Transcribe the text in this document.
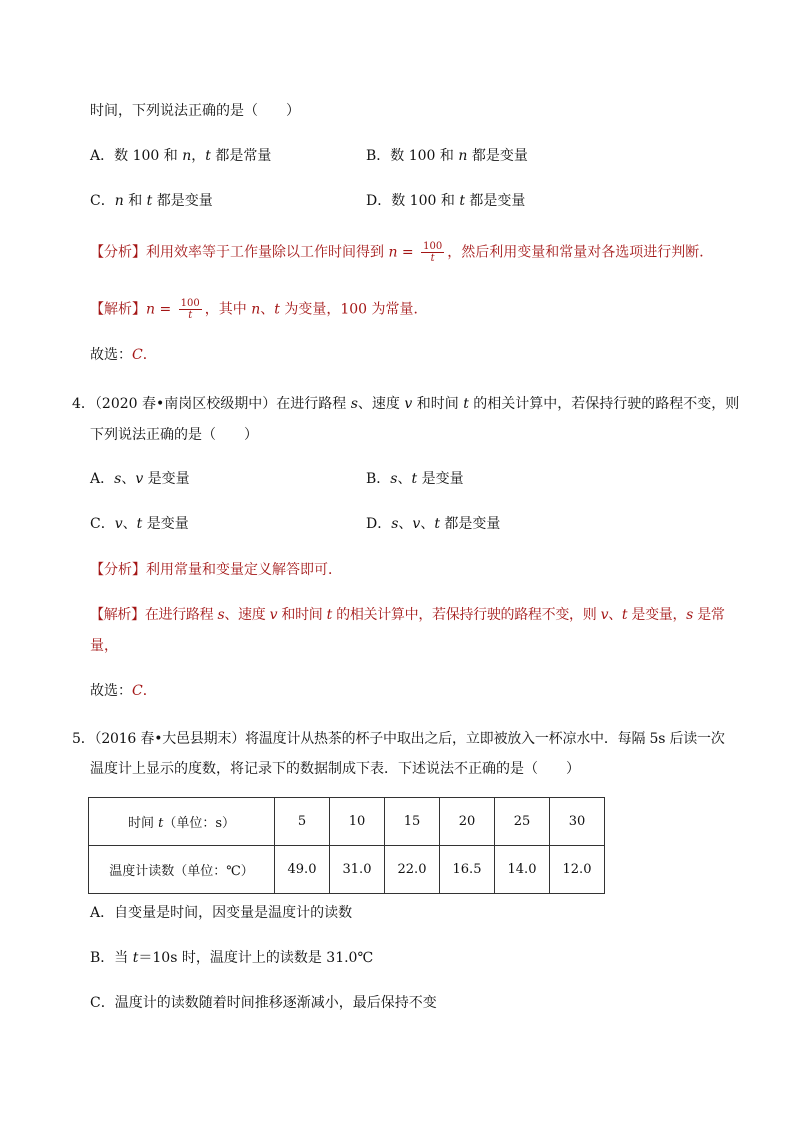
时间，下列说法正确的是（　　）
A．数 100 和 n，t 都是常量	B．数 100 和 n 都是变量
C．n 和 t 都是变量	D．数 100 和 t 都是变量
【分析】利用效率等于工作量除以工作时间得到 $n = \frac{100}{t}$ ，然后利用变量和常量对各选项进行判断．
【解析】$n = \frac{100}{t}$ ，其中 n、t 为变量，100 为常量．
故选：C．
4．（2020 春•南岗区校级期中）在进行路程 s、速度 v 和时间 t 的相关计算中，若保持行驶的路程不变，则
下列说法正确的是（　　）
A．s、v 是变量	B．s、t 是变量
C．v、t 是变量	D．s、v、t 都是变量
【分析】利用常量和变量定义解答即可．
【解析】在进行路程 s、速度 v 和时间 t 的相关计算中，若保持行驶的路程不变，则 v、t 是变量，s 是常
量，
故选：C．
5．（2016 春•大邑县期末）将温度计从热茶的杯子中取出之后，立即被放入一杯凉水中．每隔 5s 后读一次
温度计上显示的度数，将记录下的数据制成下表．下述说法不正确的是（　　）
时间 t（单位：s）	5	10	15	20	25	30
温度计读数（单位：℃）	49.0	31.0	22.0	16.5	14.0	12.0
A．自变量是时间，因变量是温度计的读数
B．当 t＝10s 时，温度计上的读数是 31.0℃
C．温度计的读数随着时间推移逐渐减小，最后保持不变
